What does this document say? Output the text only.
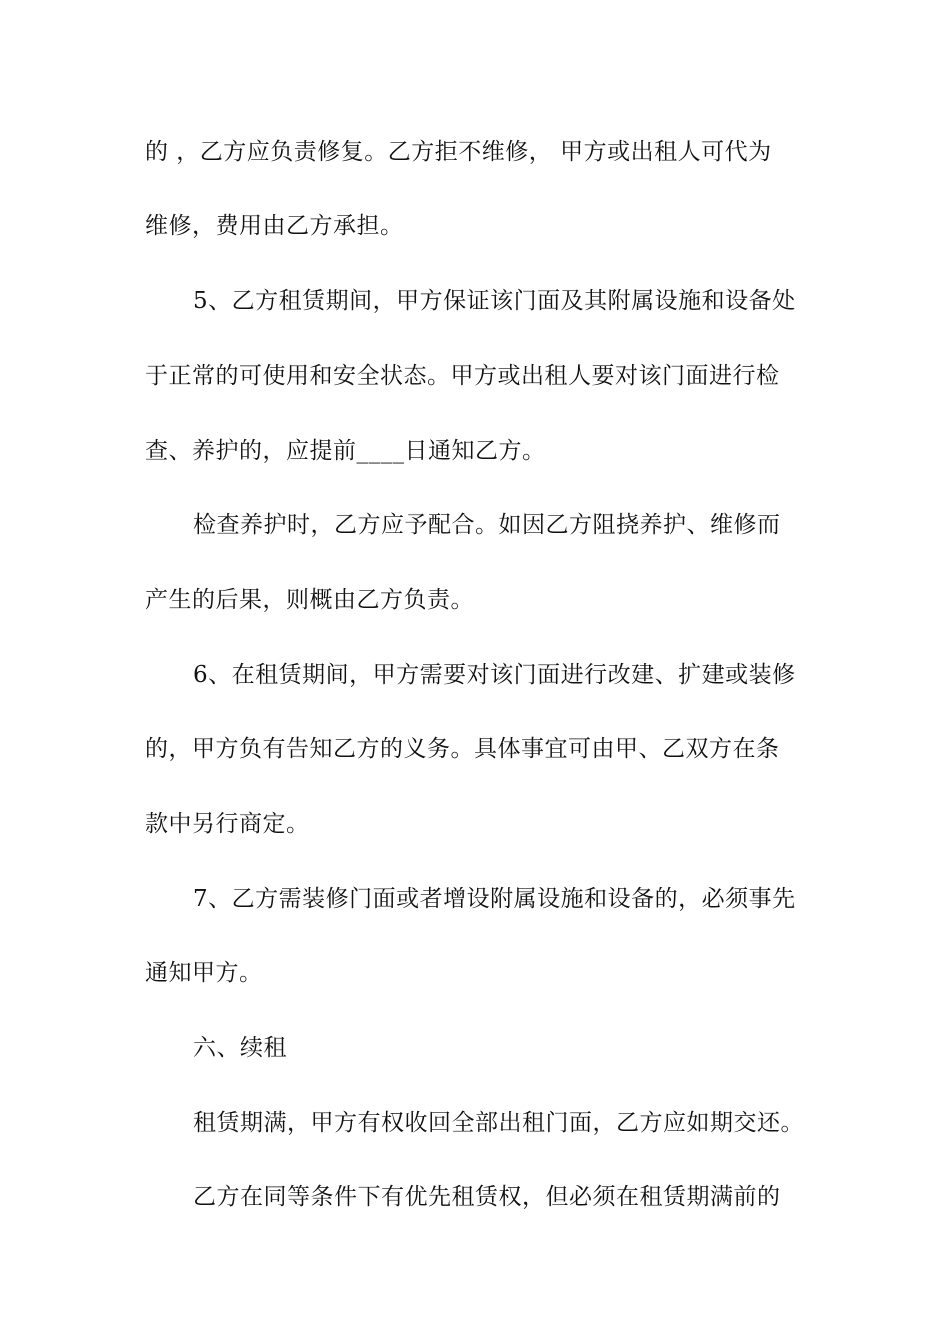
的 ，乙方应负责修复。乙方拒不维修， 甲方或出租人可代为
维修，费用由乙方承担。
5、乙方租赁期间，甲方保证该门面及其附属设施和设备处
于正常的可使用和安全状态。甲方或出租人要对该门面进行检
查、养护的，应提前____日通知乙方。
检查养护时，乙方应予配合。如因乙方阻挠养护、维修而
产生的后果，则概由乙方负责。
6、在租赁期间，甲方需要对该门面进行改建、扩建或装修
的，甲方负有告知乙方的义务。具体事宜可由甲、乙双方在条
款中另行商定。
7、乙方需装修门面或者增设附属设施和设备的，必须事先
通知甲方。
六、续租
租赁期满，甲方有权收回全部出租门面，乙方应如期交还。
乙方在同等条件下有优先租赁权，但必须在租赁期满前的
